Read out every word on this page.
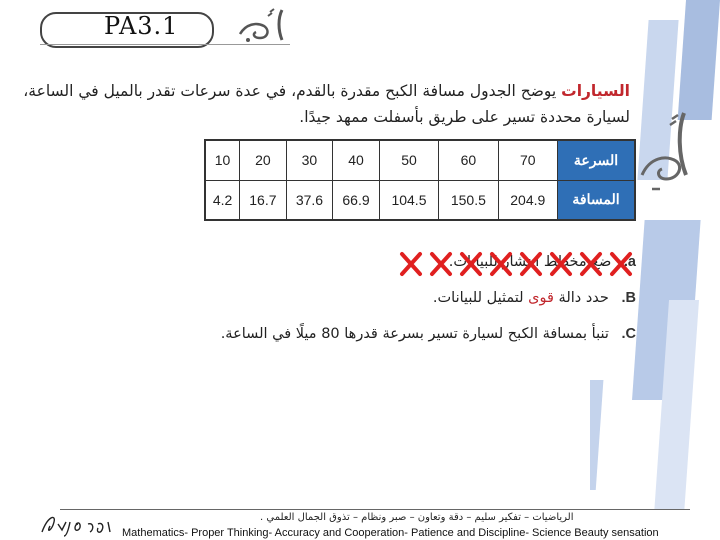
PA3.1
السيارات يوضح الجدول مسافة الكبح مقدرة بالقدم، في عدة سرعات تقدر بالميل في الساعة، لسيارة محددة تسير على طريق بأسفلت ممهد جيدًا.
السرعة	70	60	50	40	30	20	10
المسافة	204.9	150.5	104.5	66.9	37.6	16.7	4.2
a. ضع مخطط انتشار للبيانات.
B. حدد دالة قوى لتمثيل للبيانات.
C. تنبأ بمسافة الكبح لسيارة تسير بسرعة قدرها 80 ميلًا في الساعة.
الرياضيات – تفكير سليم – دقة وتعاون – صبر ونظام – تذوق الجمال العلمي .
Mathematics- Proper Thinking- Accuracy and Cooperation- Patience and Discipline- Science Beauty sensation
